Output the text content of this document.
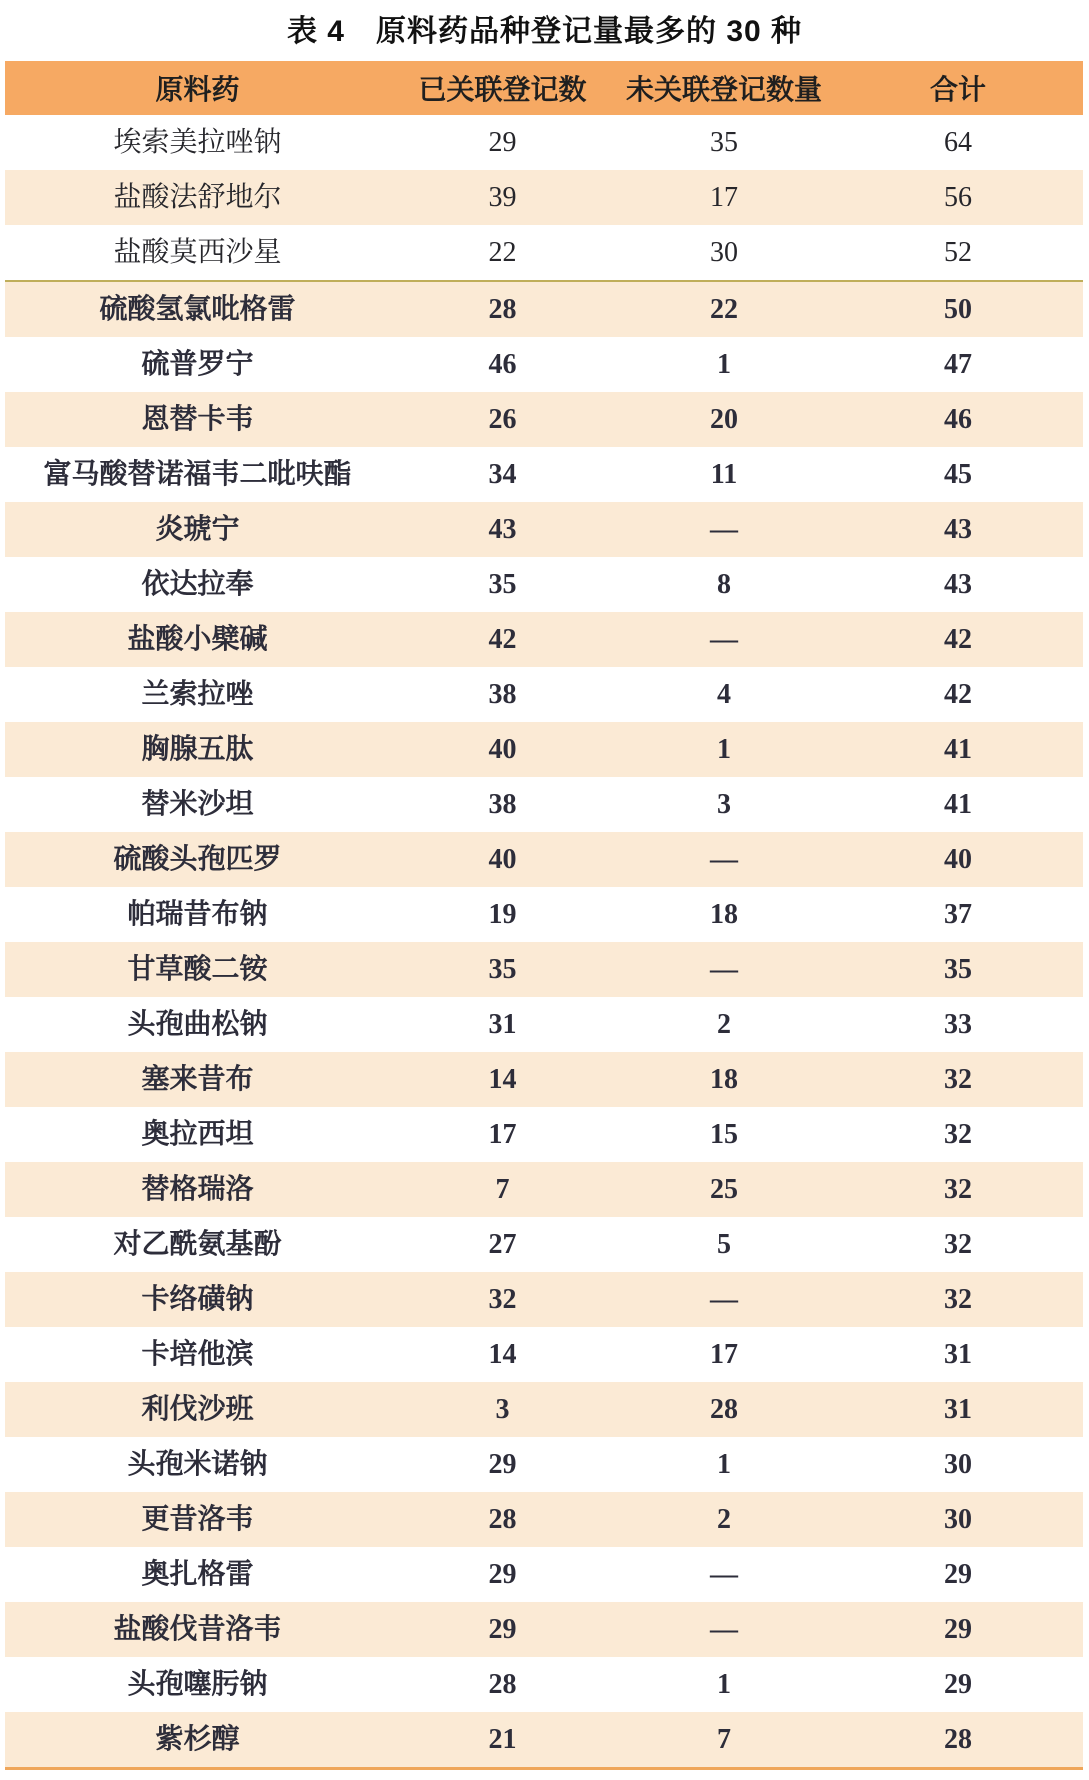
表 4　原料药品种登记量最多的 30 种
原料药	已关联登记数	未关联登记数量	合计
埃索美拉唑钠	29	35	64
盐酸法舒地尔	39	17	56
盐酸莫西沙星	22	30	52
硫酸氢氯吡格雷	28	22	50
硫普罗宁	46	1	47
恩替卡韦	26	20	46
富马酸替诺福韦二吡呋酯	34	11	45
炎琥宁	43	—	43
依达拉奉	35	8	43
盐酸小檗碱	42	—	42
兰索拉唑	38	4	42
胸腺五肽	40	1	41
替米沙坦	38	3	41
硫酸头孢匹罗	40	—	40
帕瑞昔布钠	19	18	37
甘草酸二铵	35	—	35
头孢曲松钠	31	2	33
塞来昔布	14	18	32
奥拉西坦	17	15	32
替格瑞洛	7	25	32
对乙酰氨基酚	27	5	32
卡络磺钠	32	—	32
卡培他滨	14	17	31
利伐沙班	3	28	31
头孢米诺钠	29	1	30
更昔洛韦	28	2	30
奥扎格雷	29	—	29
盐酸伐昔洛韦	29	—	29
头孢噻肟钠	28	1	29
紫杉醇	21	7	28
